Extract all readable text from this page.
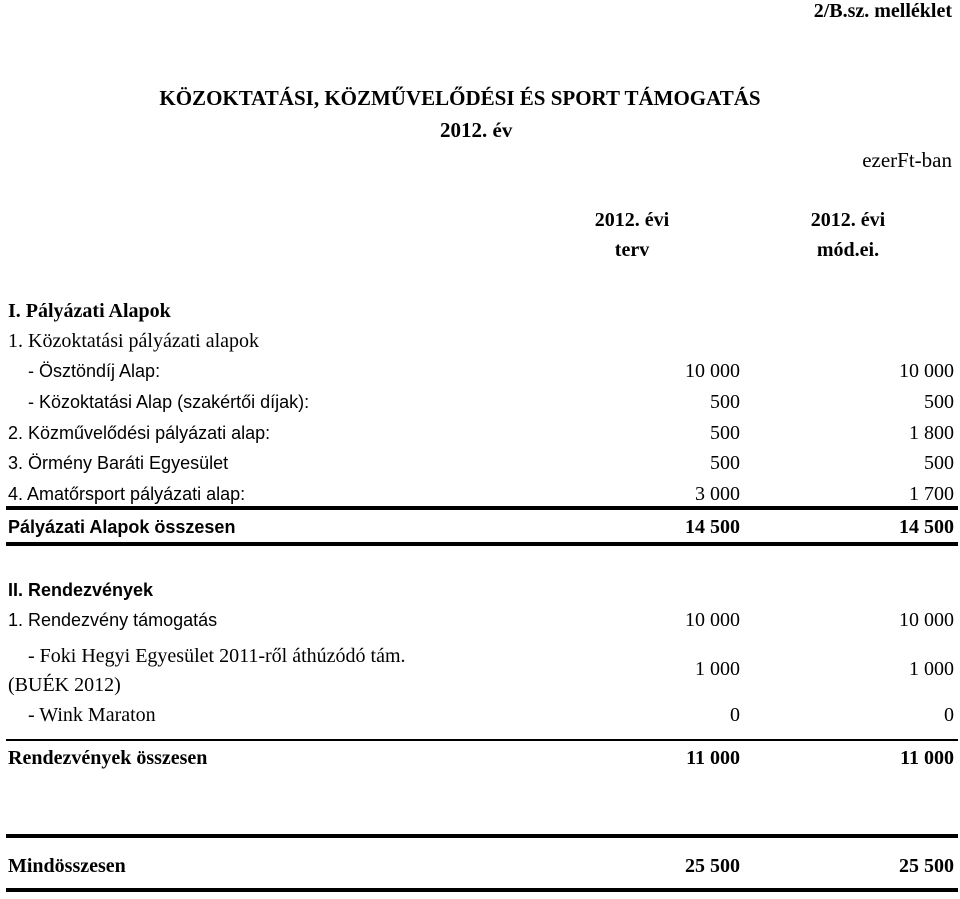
2/B.sz. melléklet
KÖZOKTATÁSI, KÖZMŰVELŐDÉSI ÉS SPORT TÁMOGATÁS
2012. év
ezerFt-ban
2012. évi
terv
2012. évi
mód.ei.
I. Pályázati Alapok
1. Közoktatási pályázati alapok
- Ösztöndíj Alap:	10 000	10 000
- Közoktatási Alap (szakértői díjak):	500	500
2. Közművelődési pályázati alap:	500	1 800
3. Örmény Baráti Egyesület	500	500
4. Amatőrsport pályázati alap:	3 000	1 700
Pályázati Alapok összesen	14 500	14 500
II. Rendezvények
1. Rendezvény támogatás	10 000	10 000
- Foki Hegyi Egyesület 2011-ről áthúzódó tám.
(BUÉK 2012)
1 000	1 000
- Wink Maraton	0	0
Rendezvények összesen	11 000	11 000
Mindösszesen	25 500	25 500
